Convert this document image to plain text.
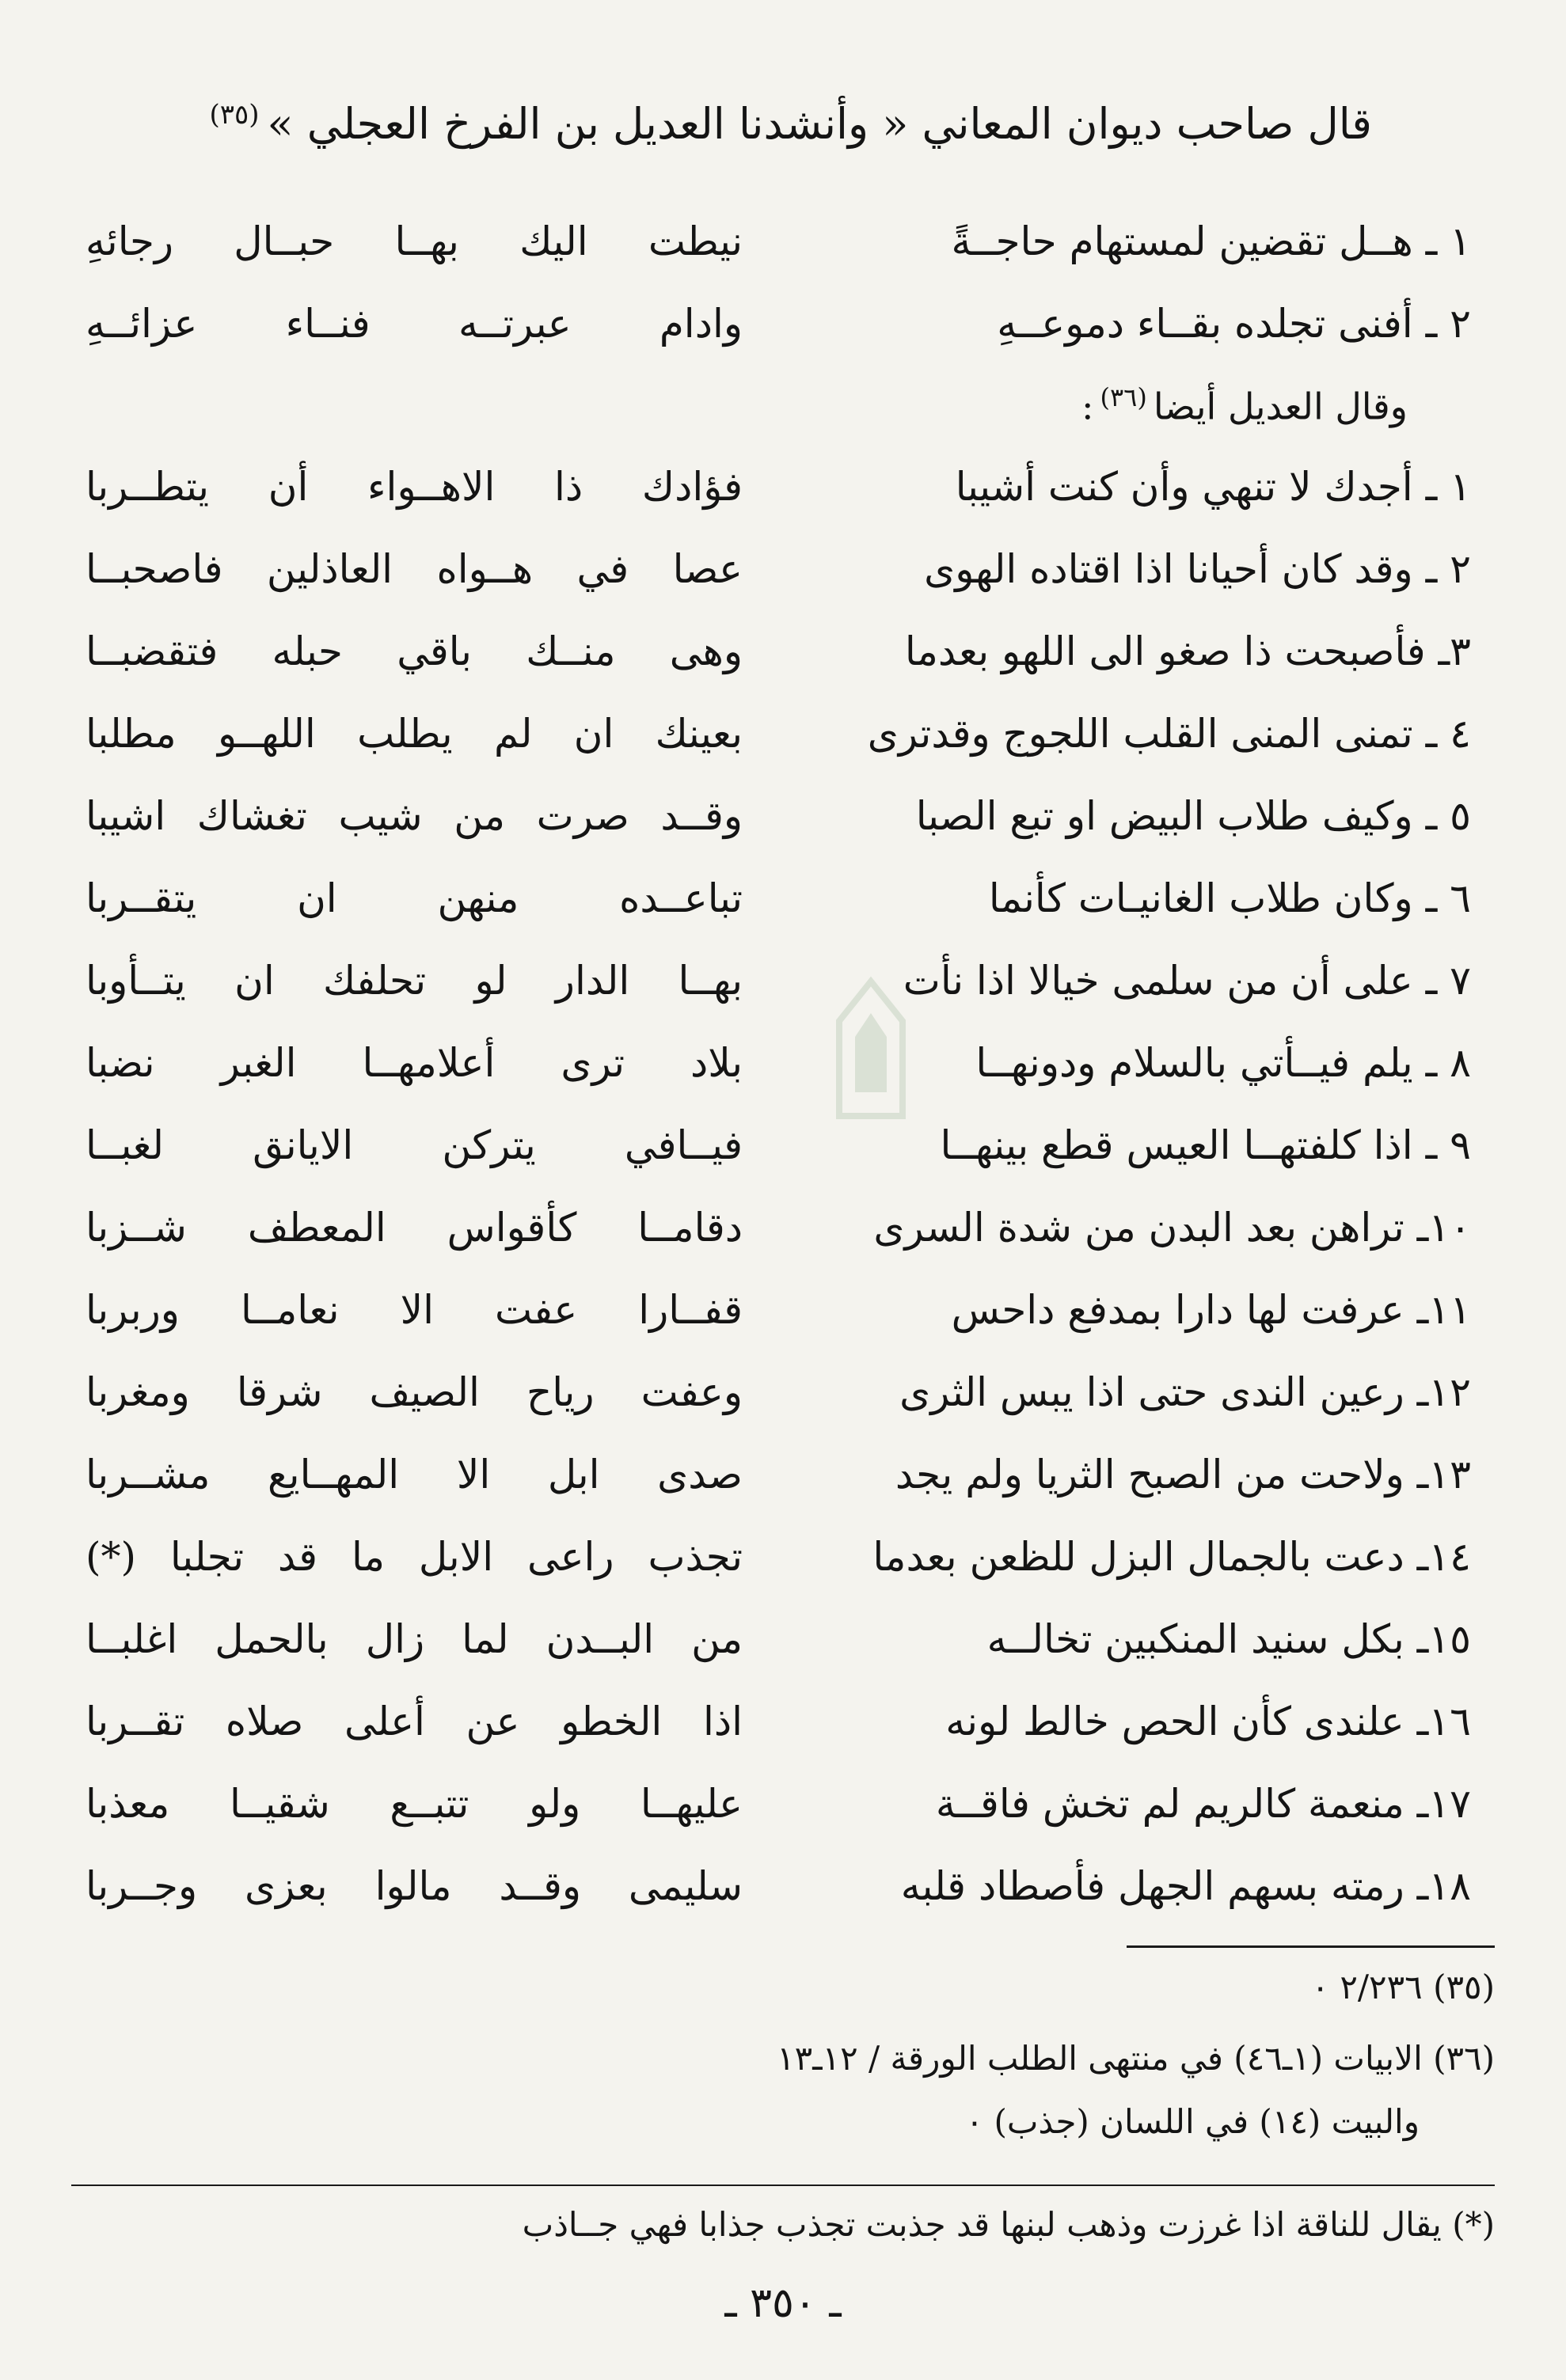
قال صاحب ديوان المعاني « وأنشدنا العديل بن الفرخ العجلي »$^{(٣٥)}$
١ ـ هــل تقضين لمستهام حاجــةً
نيطت اليك بهــا حبــال رجائهِ
٢ ـ أفنى تجلده بقــاء دموعــهِ
وادام عبرتــه فنــاء عزائــهِ
وقال العديل أيضا$^{(٣٦)}$:
١ ـ أجدك لا تنهي وأن كنت أشيبا
فؤادك ذا الاهــواء أن يتطــربا
٢ ـ وقد كان أحيانا اذا اقتاده الهوى
عصا في هــواه العاذلين فاصحبــا
٣ـ فأصبحت ذا صغو الى اللهو بعدما
وهى منــك باقي حبله فتقضبــا
٤ ـ تمنى المنى القلب اللجوج وقدترى
بعينك ان لم يطلب اللهــو مطلبا
٥ ـ وكيف طلاب البيض او تبع الصبا
وقــد صرت من شيب تغشاك اشيبا
٦ ـ وكان طلاب الغانيـات كأنما
تباعــده منهن ان يتقــربا
٧ ـ على أن من سلمى خيالا اذا نأت
بهــا الدار لو تحلفك ان يتــأوبا
٨ ـ يلم فيــأتي بالسلام ودونهــا
بلاد ترى أعلامهــا الغبر نضبا
٩ ـ اذا كلفتهــا العيس قطع بينهــا
فيــافي يتركن الايانق لغبــا
١٠ـ تراهن بعد البدن من شدة السرى
دقامــا كأقواس المعطف شــزبا
١١ـ عرفت لها دارا بمدفع داحس
قفــارا عفت الا نعامــا وربربا
١٢ـ رعين الندى حتى اذا يبس الثرى
وعفت رياح الصيف شرقا ومغربا
١٣ـ ولاحت من الصبح الثريا ولم يجد
صدى ابل الا المهــايع مشــربا
١٤ـ دعت بالجمال البزل للظعن بعدما
تجذب راعى الابل ما قد تجلبا (*)
١٥ـ بكل سنيد المنكبين تخالــه
من البــدن لما زال بالحمل اغلبــا
١٦ـ علندى كأن الحص خالط لونه
اذا الخطو عن أعلى صلاه تقــربا
١٧ـ منعمة كالريم لم تخش فاقــة
عليهــا ولو تتبــع شقيــا معذبا
١٨ـ رمته بسهم الجهل فأصطاد قلبه
سليمى وقــد مالوا بعزى وجــربا
(٣٥) ٢/٢٣٦ ٠
(٣٦) الابيات (١ـ٤٦) في منتهى الطلب الورقة / ١٢ـ١٣
والبيت (١٤) في اللسان (جذب) ٠
(*) يقال للناقة اذا غرزت وذهب لبنها قد جذبت تجذب جذابا فهي جــاذب
ـ ٣٥٠ ـ
